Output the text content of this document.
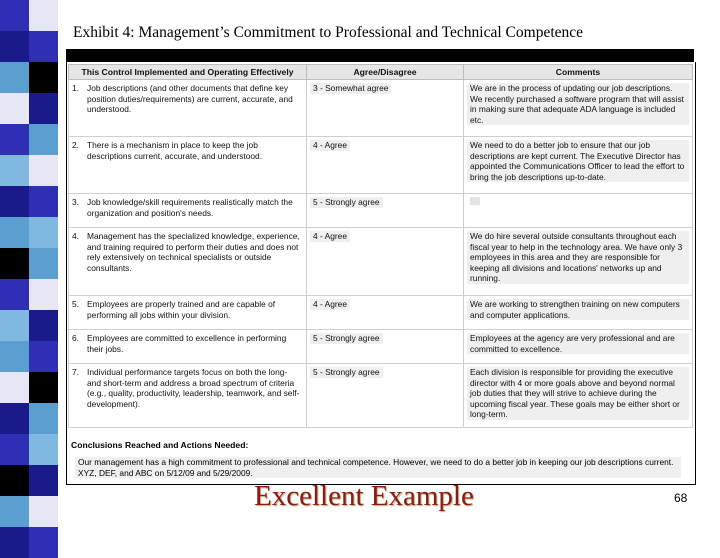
Exhibit 4: Management’s Commitment to Professional and Technical Competence
This Control Implemented and Operating Effectively	Agree/Disagree	Comments
1. Job descriptions (and other documents that define key position duties/requirements) are current, accurate, and understood.	3 - Somewhat agree	We are in the process of updating our job descriptions. We recently purchased a software program that will assist in making sure that adequate ADA language is included etc.
2. There is a mechanism in place to keep the job descriptions current, accurate, and understood.	4 - Agree	We need to do a better job to ensure that our job descriptions are kept current. The Executive Director has appointed the Communications Officer to lead the effort to bring the job descriptions up-to-date.
3. Job knowledge/skill requirements realistically match the organization and position's needs.	5 - Strongly agree	
4. Management has the specialized knowledge, experience, and training required to perform their duties and does not rely extensively on technical specialists or outside consultants.	4 - Agree	We do hire several outside consultants throughout each fiscal year to help in the technology area. We have only 3 employees in this area and they are responsible for keeping all divisions and locations' networks up and running.
5. Employees are properly trained and are capable of performing all jobs within your division.	4 - Agree	We are working to strengthen training on new computers and computer applications.
6. Employees are committed to excellence in performing their jobs.	5 - Strongly agree	Employees at the agency are very professional and are committed to excellence.
7. Individual performance targets focus on both the long- and short-term and address a broad spectrum of criteria (e.g., quality, productivity, leadership, teamwork, and self-development).	5 - Strongly agree	Each division is responsible for providing the executive director with 4 or more goals above and beyond normal job duties that they will strive to achieve during the upcoming fiscal year. These goals may be either short or long-term.
Conclusions Reached and Actions Needed:
Our management has a high commitment to professional and technical competence. However, we need to do a better job in keeping our job descriptions current. XYZ, DEF, and ABC on 5/12/09 and 5/29/2009.
Excellent Example	68
